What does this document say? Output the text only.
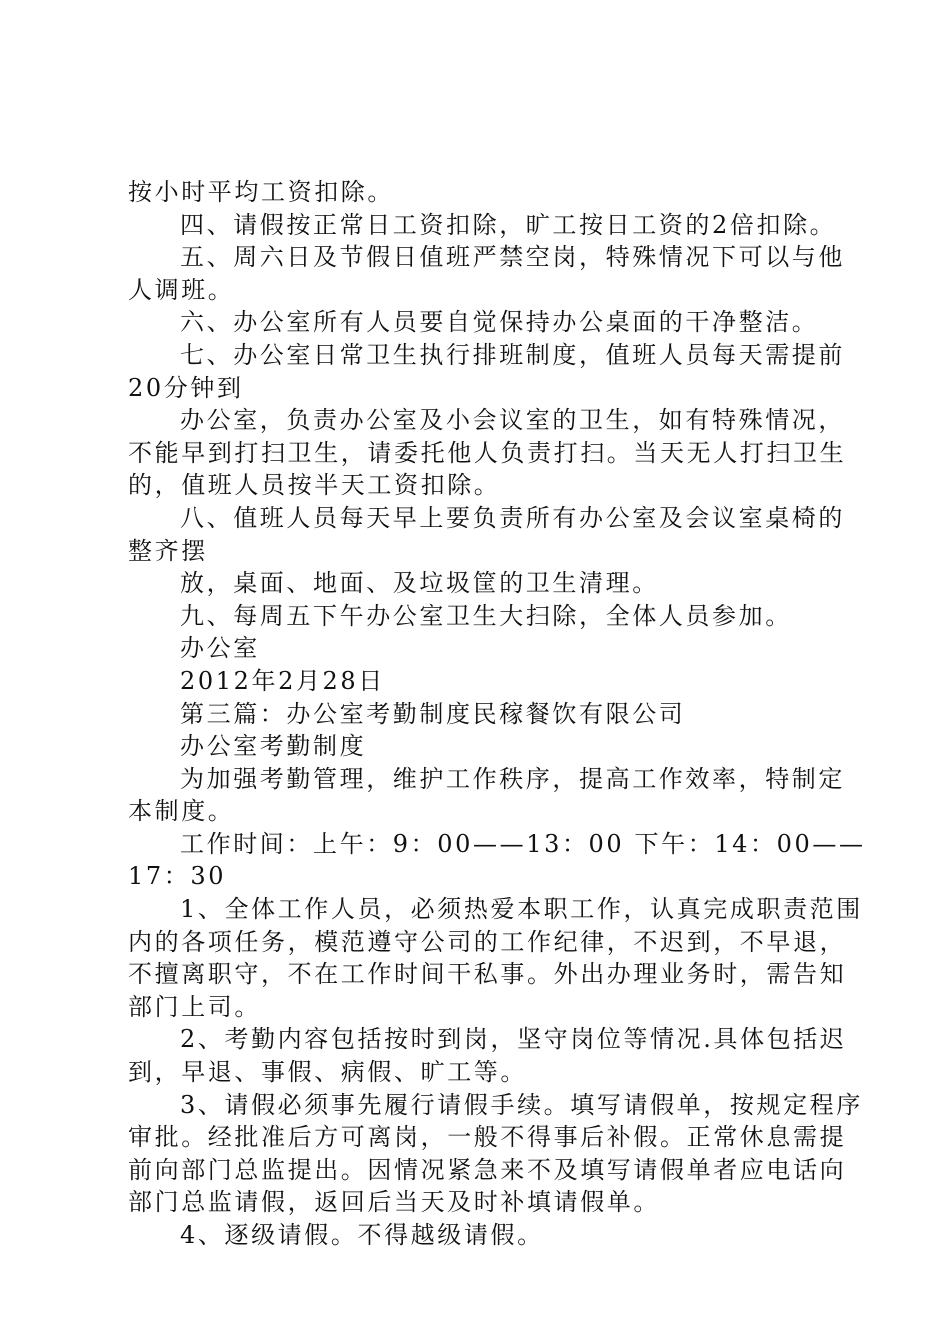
按小时平均工资扣除。
四、请假按正常日工资扣除，旷工按日工资的2倍扣除。
五、周六日及节假日值班严禁空岗，特殊情况下可以与他
人调班。
六、办公室所有人员要自觉保持办公桌面的干净整洁。
七、办公室日常卫生执行排班制度，值班人员每天需提前
20分钟到
办公室，负责办公室及小会议室的卫生，如有特殊情况，
不能早到打扫卫生，请委托他人负责打扫。当天无人打扫卫生
的，值班人员按半天工资扣除。
八、值班人员每天早上要负责所有办公室及会议室桌椅的
整齐摆
放，桌面、地面、及垃圾筐的卫生清理。
九、每周五下午办公室卫生大扫除，全体人员参加。
办公室
2012年2月28日
第三篇：办公室考勤制度民稼餐饮有限公司
办公室考勤制度
为加强考勤管理，维护工作秩序，提高工作效率，特制定
本制度。
工作时间：上午：9：00——13：00 下午：14：00——
17：30
1、全体工作人员，必须热爱本职工作，认真完成职责范围
内的各项任务，模范遵守公司的工作纪律，不迟到，不早退，
不擅离职守，不在工作时间干私事。外出办理业务时，需告知
部门上司。
2、考勤内容包括按时到岗，坚守岗位等情况.具体包括迟
到，早退、事假、病假、旷工等。
3、请假必须事先履行请假手续。填写请假单，按规定程序
审批。经批准后方可离岗，一般不得事后补假。正常休息需提
前向部门总监提出。因情况紧急来不及填写请假单者应电话向
部门总监请假，返回后当天及时补填请假单。
4、逐级请假。不得越级请假。
